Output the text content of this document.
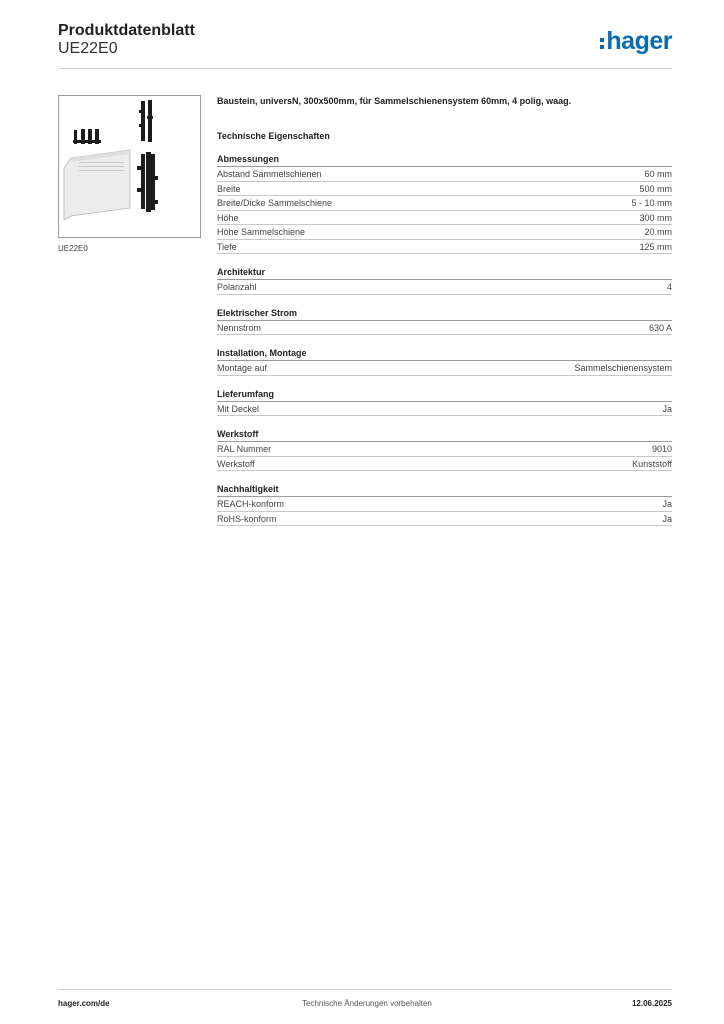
Produktdatenblatt
UE22E0	hager
UE22E0
Baustein, universN, 300x500mm, für Sammelschienensystem 60mm, 4 polig, waag.
Technische Eigenschaften
Abmessungen
Abstand Sammelschienen	60 mm
Breite	500 mm
Breite/Dicke Sammelschiene	5 - 10 mm
Höhe	300 mm
Höhe Sammelschiene	20 mm
Tiefe	125 mm
Architektur
Polanzahl	4
Elektrischer Strom
Nennstrom	630 A
Installation, Montage
Montage auf	Sammelschienensystem
Lieferumfang
Mit Deckel	Ja
Werkstoff
RAL Nummer	9010
Werkstoff	Kunststoff
Nachhaltigkeit
REACH-konform	Ja
RoHS-konform	Ja
hager.com/de	Technische Änderungen vorbehalten	12.06.2025
